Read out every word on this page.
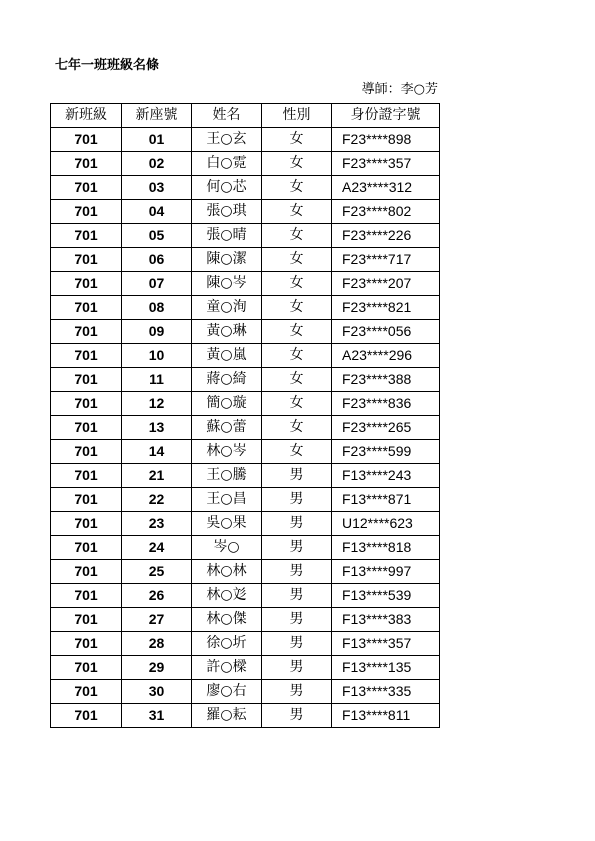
七年一班班級名條
導師：李○芳
新班級	新座號	姓名	性別	身份證字號
701	01	王○玄	女	F23****898
701	02	白○霓	女	F23****357
701	03	何○芯	女	A23****312
701	04	張○琪	女	F23****802
701	05	張○晴	女	F23****226
701	06	陳○潔	女	F23****717
701	07	陳○岑	女	F23****207
701	08	童○洵	女	F23****821
701	09	黃○琳	女	F23****056
701	10	黃○嵐	女	A23****296
701	11	蔣○綺	女	F23****388
701	12	簡○璇	女	F23****836
701	13	蘇○蕾	女	F23****265
701	14	林○岑	女	F23****599
701	21	王○騰	男	F13****243
701	22	王○昌	男	F13****871
701	23	吳○果	男	U12****623
701	24	岑○	男	F13****818
701	25	林○林	男	F13****997
701	26	林○彣	男	F13****539
701	27	林○傑	男	F13****383
701	28	徐○圻	男	F13****357
701	29	許○樑	男	F13****135
701	30	廖○右	男	F13****335
701	31	羅○耘	男	F13****811
